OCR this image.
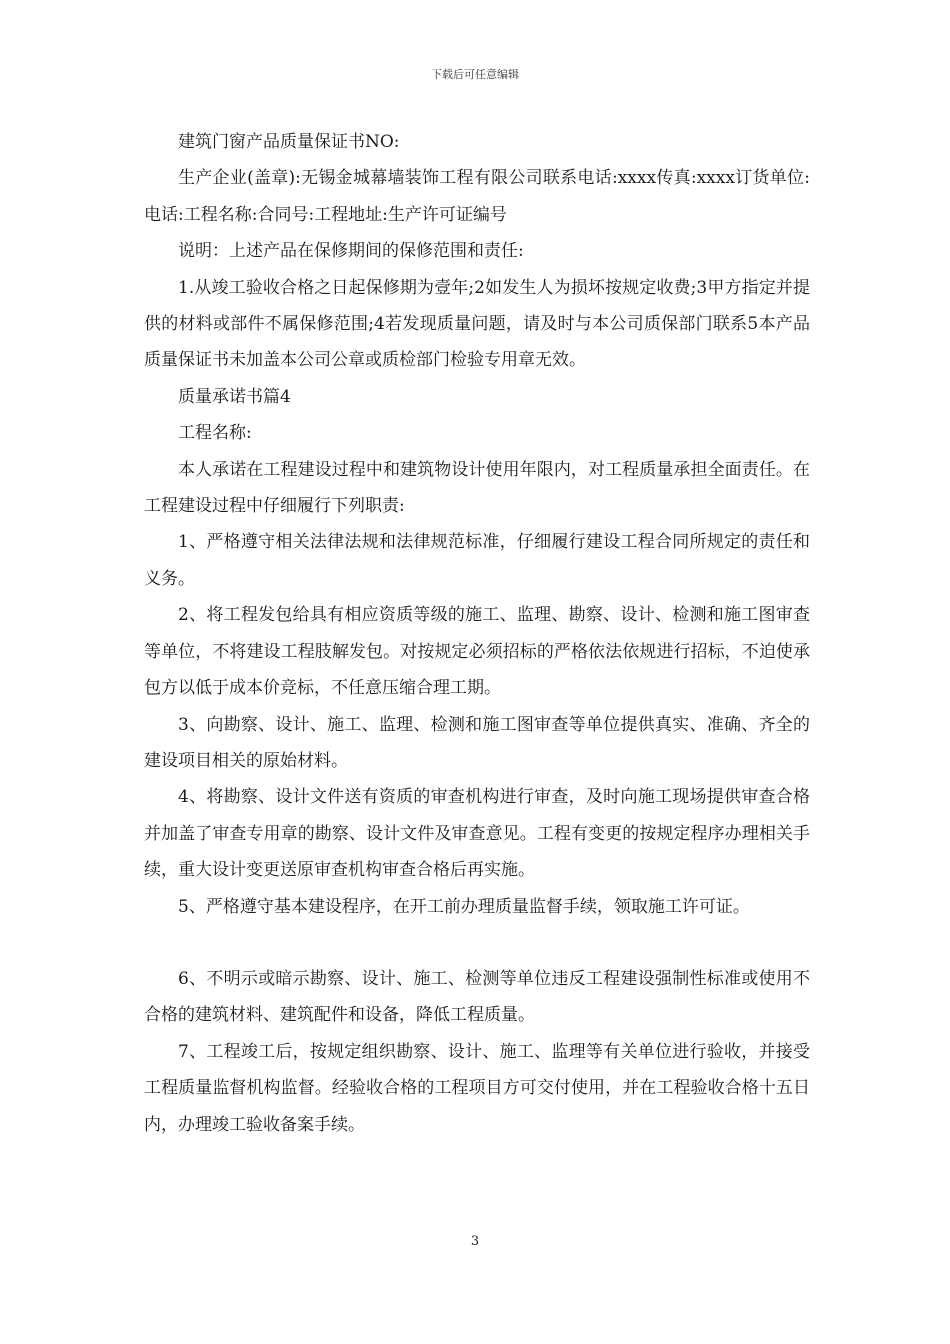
下载后可任意编辑

建筑门窗产品质量保证书NO:

生产企业(盖章):无锡金城幕墙装饰工程有限公司联系电话:xxxx传真:xxxx订货单位:电话:工程名称:合同号:工程地址:生产许可证编号

说明：上述产品在保修期间的保修范围和责任:

1.从竣工验收合格之日起保修期为壹年;2如发生人为损坏按规定收费;3甲方指定并提供的材料或部件不属保修范围;4若发现质量问题，请及时与本公司质保部门联系5本产品质量保证书未加盖本公司公章或质检部门检验专用章无效。

质量承诺书篇4

工程名称:

本人承诺在工程建设过程中和建筑物设计使用年限内，对工程质量承担全面责任。在工程建设过程中仔细履行下列职责:

1、严格遵守相关法律法规和法律规范标准，仔细履行建设工程合同所规定的责任和义务。

2、将工程发包给具有相应资质等级的施工、监理、勘察、设计、检测和施工图审查等单位，不将建设工程肢解发包。对按规定必须招标的严格依法依规进行招标，不迫使承包方以低于成本价竞标，不任意压缩合理工期。

3、向勘察、设计、施工、监理、检测和施工图审查等单位提供真实、准确、齐全的建设项目相关的原始材料。

4、将勘察、设计文件送有资质的审查机构进行审查，及时向施工现场提供审查合格并加盖了审查专用章的勘察、设计文件及审查意见。工程有变更的按规定程序办理相关手续，重大设计变更送原审查机构审查合格后再实施。

5、严格遵守基本建设程序，在开工前办理质量监督手续，领取施工许可证。

6、不明示或暗示勘察、设计、施工、检测等单位违反工程建设强制性标准或使用不合格的建筑材料、建筑配件和设备，降低工程质量。

7、工程竣工后，按规定组织勘察、设计、施工、监理等有关单位进行验收，并接受工程质量监督机构监督。经验收合格的工程项目方可交付使用，并在工程验收合格十五日内，办理竣工验收备案手续。

3
